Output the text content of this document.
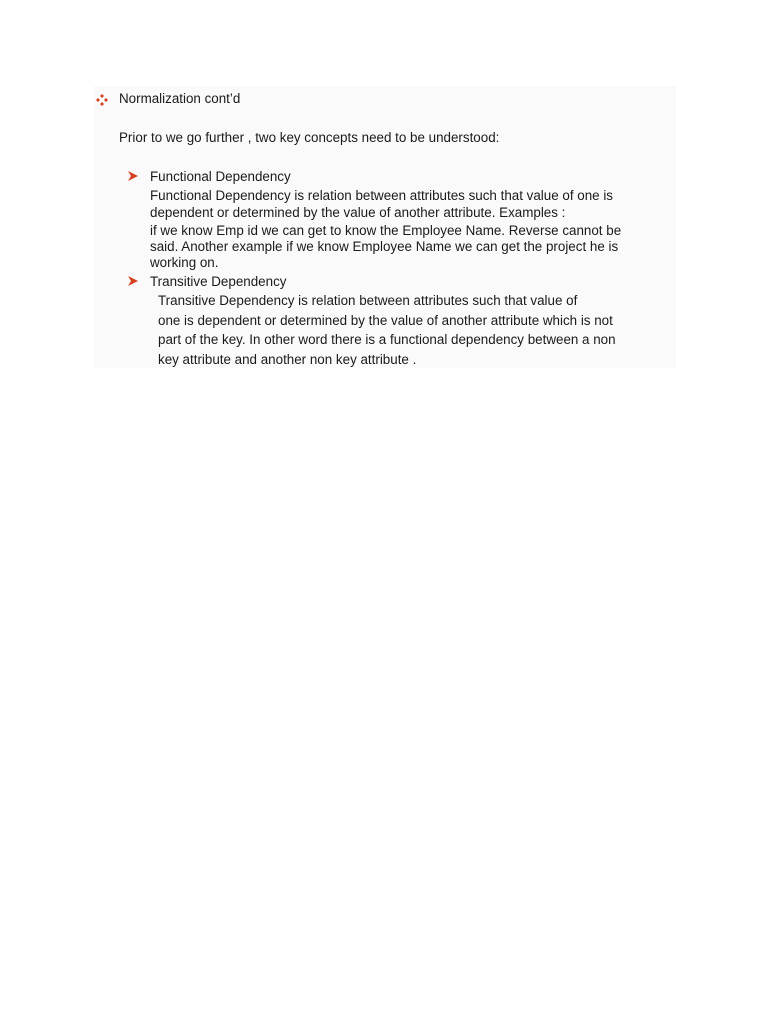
Normalization cont’d
Prior to we go further , two key concepts need to be understood:
Functional Dependency
Functional Dependency is relation between attributes such that value of one is
dependent or determined by the value of another attribute. Examples :
if we know Emp id we can get to know the Employee Name. Reverse cannot be
said. Another example if we know Employee Name we can get the project he is
working on.
Transitive Dependency
Transitive Dependency is relation between attributes such that value of
one is dependent or determined by the value of another attribute which is not
part of the key. In other word there is a functional dependency between a non
key attribute and another non key attribute .
